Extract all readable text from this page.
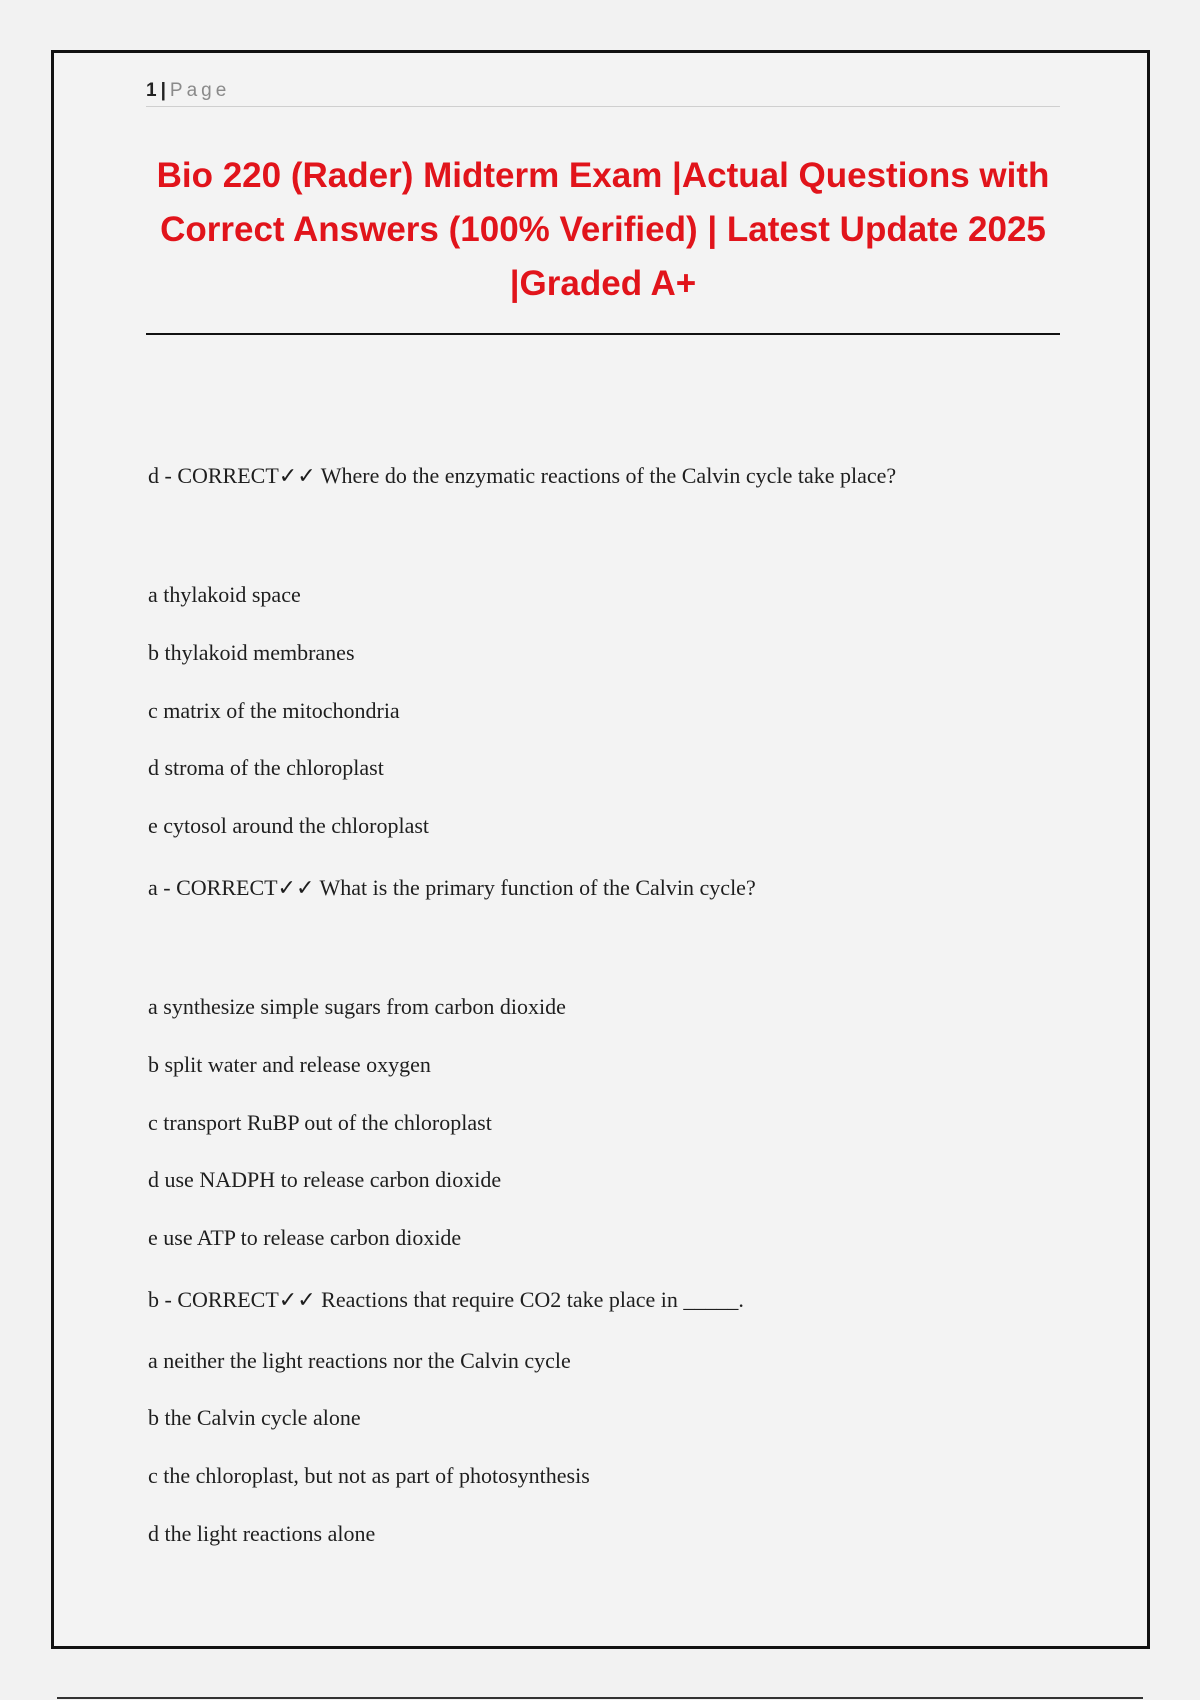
1 | Page
Bio 220 (Rader) Midterm Exam |Actual Questions with Correct Answers (100% Verified) | Latest Update 2025 |Graded A+

d - CORRECT✓✓ Where do the enzymatic reactions of the Calvin cycle take place?

a thylakoid space

b thylakoid membranes

c matrix of the mitochondria

d stroma of the chloroplast

e cytosol around the chloroplast

a - CORRECT✓✓ What is the primary function of the Calvin cycle?

a synthesize simple sugars from carbon dioxide

b split water and release oxygen

c transport RuBP out of the chloroplast

d use NADPH to release carbon dioxide

e use ATP to release carbon dioxide

b - CORRECT✓✓ Reactions that require CO2 take place in _____.

a neither the light reactions nor the Calvin cycle

b the Calvin cycle alone

c the chloroplast, but not as part of photosynthesis

d the light reactions alone
